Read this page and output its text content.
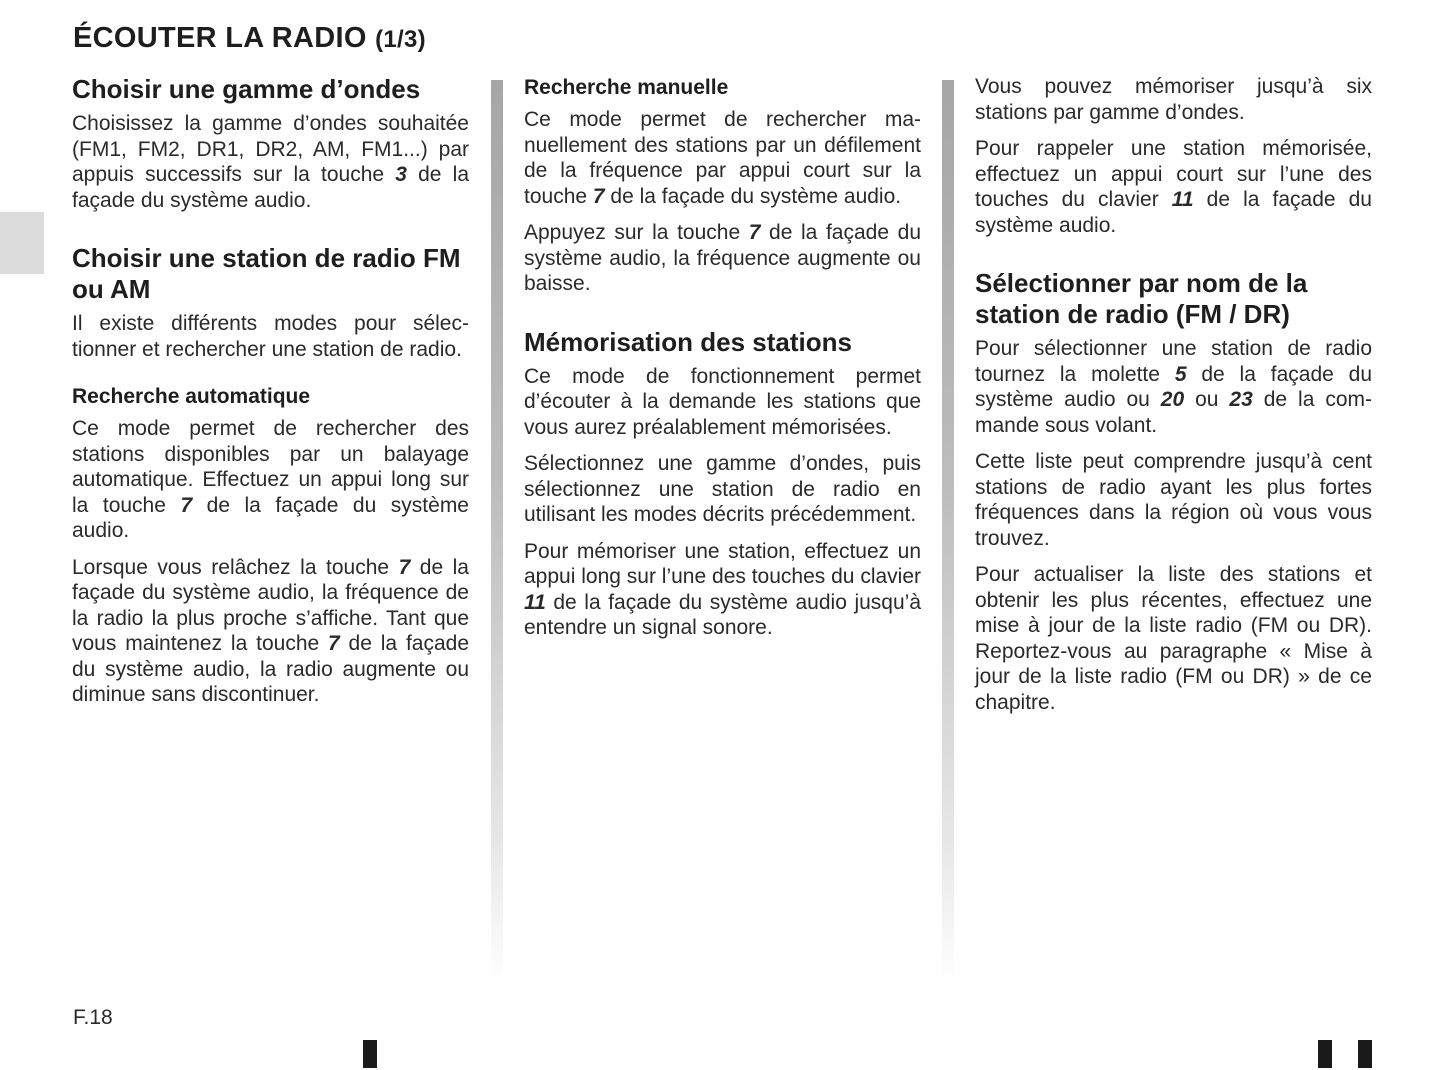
ÉCOUTER LA RADIO (1/3)
Choisir une gamme d’ondes

Choisissez la gamme d’ondes souhaitée (FM1, FM2, DR1, DR2, AM, FM1...) par appuis successifs sur la touche 3 de la façade du système audio.

Choisir une station de radio FM ou AM

Il existe différents modes pour sélectionner et rechercher une station de radio.

Recherche automatique

Ce mode permet de rechercher des stations disponibles par un balayage automatique. Effectuez un appui long sur la touche 7 de la façade du système audio.

Lorsque vous relâchez la touche 7 de la façade du système audio, la fréquence de la radio la plus proche s’affiche. Tant que vous maintenez la touche 7 de la façade du système audio, la radio augmente ou diminue sans discontinuer.

Recherche manuelle

Ce mode permet de rechercher manuellement des stations par un défilement de la fréquence par appui court sur la touche 7 de la façade du système audio.

Appuyez sur la touche 7 de la façade du système audio, la fréquence augmente ou baisse.

Mémorisation des stations

Ce mode de fonctionnement permet d’écouter à la demande les stations que vous aurez préalablement mémorisées.

Sélectionnez une gamme d’ondes, puis sélectionnez une station de radio en utilisant les modes décrits précédemment.

Pour mémoriser une station, effectuez un appui long sur l’une des touches du clavier 11 de la façade du système audio jusqu’à entendre un signal sonore.

Vous pouvez mémoriser jusqu’à six stations par gamme d’ondes.

Pour rappeler une station mémorisée, effectuez un appui court sur l’une des touches du clavier 11 de la façade du système audio.

Sélectionner par nom de la station de radio (FM / DR)

Pour sélectionner une station de radio tournez la molette 5 de la façade du système audio ou 20 ou 23 de la commande sous volant.

Cette liste peut comprendre jusqu’à cent stations de radio ayant les plus fortes fréquences dans la région où vous vous trouvez.

Pour actualiser la liste des stations et obtenir les plus récentes, effectuez une mise à jour de la liste radio (FM ou DR). Reportez-vous au paragraphe « Mise à jour de la liste radio (FM ou DR) » de ce chapitre.

F.18
